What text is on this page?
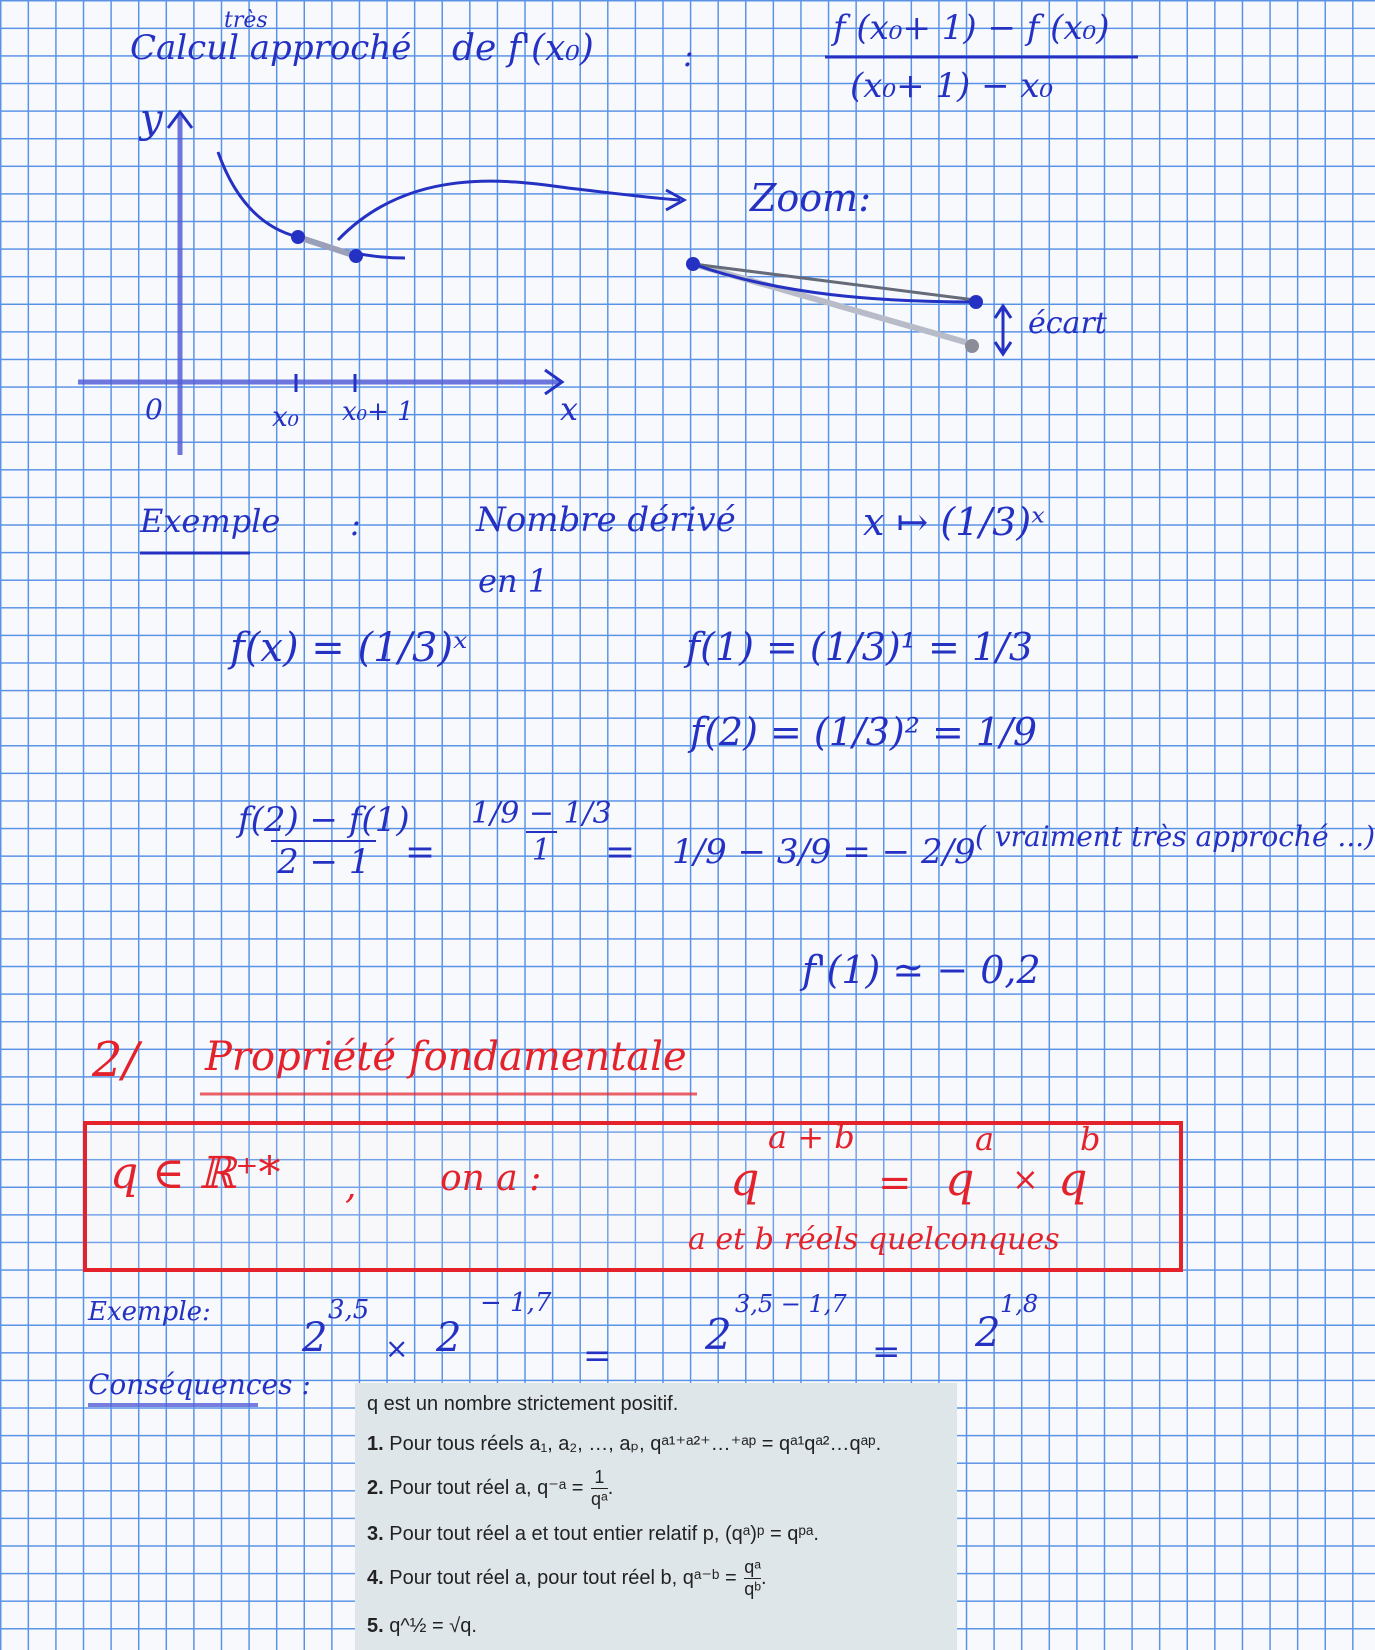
Calcul approché
très
de f'(x₀)	:
f (x₀+ 1) − f (x₀)
(x₀+ 1) − x₀
y
x
0	x₀ x₀+ 1
Zoom:
écart
Exemple :	Nombre dérivé
en 1
x ↦ (1/3)ˣ
f(x) = (1/3)ˣ	f(1) = (1/3)¹ = 1/3
f(2) = (1/3)² = 1/9
$\frac{f(2) - f(1)}{2 - 1}$
= $\frac{1/9 - 1/3}{1}$
= 1/9 − 3/9 = − 2/9 ( vraiment très approché ...)
f'(1) ≃ − 0,2
2/ Propriété fondamentale
q ∈ ℝ⁺* , on a :	q
a + b
= q
a
× q
b
a et b réels quelconques
Exemple:
2
3,5
× 2
− 1,7
= 2
3,5 − 1,7
= 2
1,8
Conséquences :
q est un nombre strictement positif.
1. Pour tous réels a₁, a₂, …, aₚ, qᵃ¹⁺ᵃ²⁺…⁺ᵃᵖ = qᵃ¹qᵃ²…qᵃᵖ.
2. Pour tout réel a, q⁻ᵃ = $\frac{1}{\text{qᵃ}}$ .
3. Pour tout réel a et tout entier relatif p, (qᵃ)ᵖ = qᵖᵃ.
4. Pour tout réel a, pour tout réel b, qᵃ⁻ᵇ = $\frac{\text{qᵃ}}{\text{qᵇ}}$ .
5. q^½ = √q.
